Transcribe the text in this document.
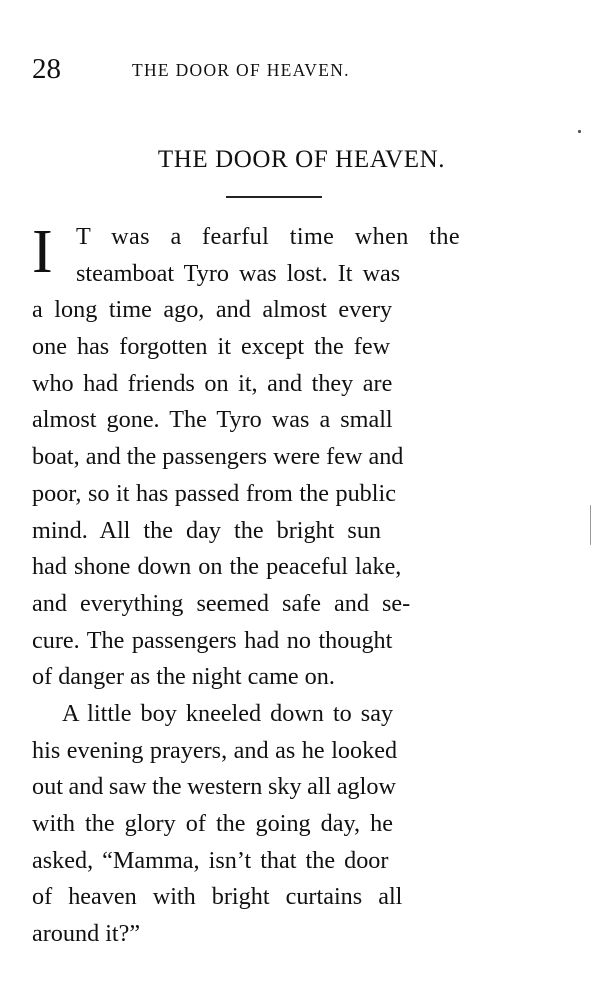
28	THE DOOR OF HEAVEN.
THE DOOR OF HEAVEN.
I T was a fearful time when the
steamboat Tyro was lost. It was
a long time ago, and almost every
one has forgotten it except the few
who had friends on it, and they are
almost gone. The Tyro was a small
boat, and the passengers were few and
poor, so it has passed from the public
mind. All the day the bright sun
had shone down on the peaceful lake,
and everything seemed safe and se-
cure. The passengers had no thought
of danger as the night came on.
A little boy kneeled down to say
his evening prayers, and as he looked
out and saw the western sky all aglow
with the glory of the going day, he
asked, “Mamma, isn’t that the door
of heaven with bright curtains all
around it?”
